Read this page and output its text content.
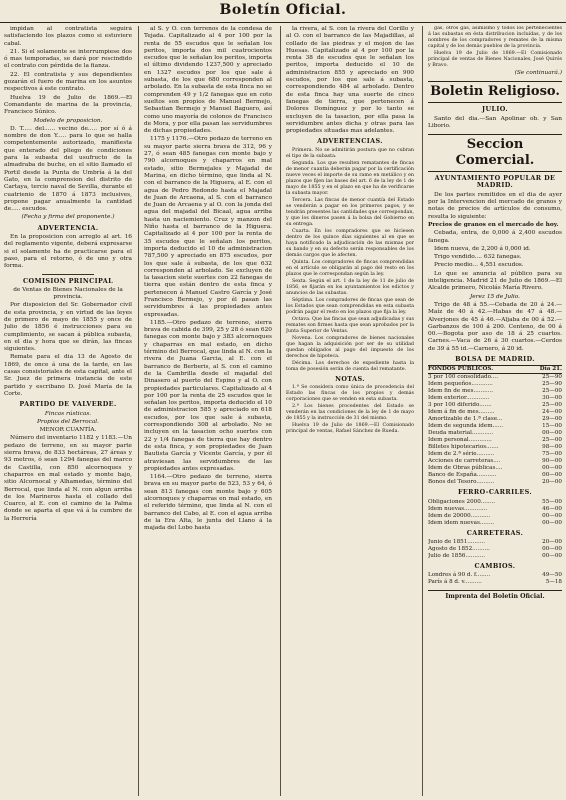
Boletín Oficial.

impidan al contratista seguirá satisfaciendo los plazos como si estuviere cabal.

21. Si el solamente se interrumpiese dos ó mas temporadas, se dará por rescindido el contrato con pérdida de la fianza.

22. El contratista y sus dependientes gozarán el fuero de marina en los asuntos respectivos á este contrato.

Huelva 19 de Julio de 1869.—El Comandante de marina de la provincia, Francisco Súnico.

Modelo de proposicion.

D. T..... del...... vecino de..... por sí ó á nombre de don Y..... para lo que se halla competentemente autorizado, manifiesta que enterado del pliego de condiciones para la subasta del usufructo de la almadraba de buche, en el sitio llamado el Portil desde la Punta de Umbría á la del Gato, en la comprension del distrito de Cartaya, tercio naval de Sevilla, durante el cuatrienio de 1870 á 1873 inclusives, propone pagar anualmente la cantidad de..... escudos.

(Fecha y firma del proponente.)

ADVERTENCIA.

En la proposicion con arreglo al art. 16 del reglamento vigente, deberá expresarse si el solamente ha de practicarse para el paso, para el retorno, ó de uno y otra forma.

COMISION PRINCIPAL

de Ventas de Bienes Nacionales de la provincia.

Por disposicion del Sr. Gobernador civil de esta provincia, y en virtud de las leyes de primero de mayo de 1855 y once de Julio de 1856 é instrucciones para su cumplimiento, se sacan á pública subasta, en el dia y hora que se dirán, las fincas siguientes.

Remate para el dia 13 de Agosto de 1869, de once á una de la tarde, en las casas consistoriales de esta capital, ante el Sr. Juez de primera instancia de este partido y escribano D. José María de la Corte.

PARTIDO DE VALVERDE.

Fincas rústicas.

Propios del Berrocal.

MENOR CUANTÍA.

Número del inventario 1182 y 1183.—Un pedazo de terreno, en su mayor parte sierra brava, de 833 hectáreas, 27 áreas y 93 metros, ó sean 1294 fanegas del marco de Castilla, con 850 alcornoques y chaparros en mal estado y monte bajo, sitio Alcornocal y Alhamedas, término del Berrocal, que linda al N. con algun arriba de los Marineros hasta el collado del Cuarco, al E. con el camino de la Palma donde se aparta el que vá á la cumbre de la Herrería

al S. y O. con terrenos de la condesa de Tejada. Capitalizado al 4 por 100 por la renta de 55 escudos que le señalan los peritos, importa dos mil cuatrocientos escudos que le señalan los peritos, importa el último dividendo 1237,500 y apreciado en 1327 escudos por los que sale á subasta, de los que 680 corresponden al arbolado. En la subasta de esta finca no se comprenden 49 y 1/2 fanegas que en coto sueltos son propios de Manuel Bermejo, Sebastian Bermejo y Manuel Baguero, así como uno mayoría de colonos de Francisco de Mora, y por ella pasan las servidumbres de dichas propiedades.

1175 y 1176.—Otro pedazo de terreno en su mayor parte sierra brava de 312, 96 y 27, ó sean 485 fanegas con monte bajo y 790 alcornoques y chaparros en mal estado, sitio Bermejales y Majadal de Marina, en dicho término, que linda al N. con el barranco de la Higuera, al E. con el agua de Pedro Redondo hasta el Majadal de Juan de Arcaena, al S. con el barranco de Juan de Arcaena y al O. con la jonda del agua del majadal del Bicaal, agua arriba hasta un naciemiento. Cruz y manzon del Niño hasta el barranco de la Higuera. Capitalizado al 4 por 100 por la renta de 35 escudos que le señalan los peritos, importa deducido el 10 de administracion 787,500 y apreciado en 875 escudos, por los que sale á subasta, de los que 632 corresponden al arbolado. Se excluyen de la tasacion siete suertes con 22 fanegas de tierra que están dentro de esta finca y pertenecen á Manuel Castro García y José Francisco Bermejo, y por él pasan las servidumbres á las propiedades antes expresadas.

1185.—Otro pedazo de terreno, sierra brava de cabida de 399, 25 y 28 ó sean 620 fanegas con monte bajo y 383 alcornoques y chaparras en mal estado, en dicho término del Berrocal, que linda al N. con la rivera de Juana Garcia, al E. con el barranco de Berberis, al S. con el camino de la Cambrilla desde el majadal del Dinasero al puerto del Espino y al O. con propiedades particulares. Capitalizado al 4 por 100 por la renta de 25 escudos que le señalan los peritos, importa deducido el 10 de administracion 585 y apreciado en 618 escudos, por los que sale á subasta, correspondiendo 308 al arbolado. No se incluyen en la tasacion ocho suertes con 22 y 1/4 fanegas de tierra que hay dentro de esta finca, y son propiedades de Juan Bautista García y Vicente García, y por él atraviesan las servidumbres de las propiedades antes expresadas.

1164.—Otro pedazo de terreno, sierra brava en su mayor parte de 523, 53 y 64, ó sean 813 fanegas con monte bajo y 605 alcornoques y chaparras en mal estado, en el referido término, que linda al N. con el barranco del Cabo, al E. con el agua arriba de la Era Alta, le junta del Llano á la majada del Lobo hasta

la rivera, al S. con la rivera del Corillo y al O. con el barranco de las Majadillas, al collado de las piedras y el mojon de las Huesas. Capitalizado al 4 por 100 por la renta 38 de escudos que le señalan los peritos, importa deducido el 10 de administracion 855 y apreciado en 900 escudos, por los que sale á subasta, correspondiendo 484 al arbolado. Dentro de esta finca hay una suerte de cinco fanegas de tierra, que pertenecen á Dolores Domínguez y por lo tanto se excluyen de la tasacion, por ella pasa la servidumbre antes dicha y otras para las propiedades situadas mas adelantes.

ADVERTENCIAS.

Primera. No se admitirán postura que no cubran el tipo de la subasta.

Segunda. Los que resulten rematantes de fincas de menor cuantía deberán pagar por la certificación nueve veces el importe de su ramo en metálico y en plazos que fijen las bases del art. 6 de la ley de 1 de mayo de 1855 y en el plazo en que ha de verificarse la subasta mayor.

Tercera. Las fincas de menor cuantía del Estado se venderán a pagar en los primeros pagos, y se tendrán presentes las cantidades que correspondan, y que los dineros pasen á la bolsa del Gobierno en su entrega.

Cuarta. En los compradores que se hiciesen dentro de los quince días siguientes al en que se haya notificado la adjudicación de las mismas por su bando y en su defecto serán responsables de los demás cargos que le afecten.

Quinta. Los compradores de fincas comprendidas en el artículo se obligarán al pago del resto en los plazos que le correspondan según la ley.

Sexta. Según el art. 1 de la ley de 11 de julio de 1856, se fijarán en los ayuntamientos los edictos y anuncios de las subastas.

Séptima. Los compradores de fincas que sean de los Estados que sean comprendidas en esta subasta podrán pagar el resto en los plazos que fija la ley.

Octava. Que las fincas que sean adjudicadas y sus remates son firmes hasta que sean aprobados por la Junta Superior de Ventas.

Novena. Los compradores de bienes nacionales que hagan la adquisición por ser de su utilidad quedan obligados al pago del impuesto de los derechos de hipoteca.

Décima. Los derechos de expediente hasta la toma de posesión serán de cuenta del rematante.

NOTAS.

1.ª Se considera como única de procedencia del Estado las fincas de los propios y demás corporaciones que se venden en esta subasta.

2.ª Los bienes procedentes del Estado se venderán en las condiciones de la ley de 1 de mayo de 1855 y la instrucción de 31 del mismo.

Huelva 19 de Julio de 1869.—El Comisionado principal de ventas, Rafael Sánchez de Rueda.

gas, otros gas, asimismo y todos los pertenecientes á las subastas en ésta distribucion incluídas, y de los nombres de los compradores y remates de la misma capital y de los demás pueblos de la provincia.

Huelva 19 de Julio de 1869.—El Comisionado principal de ventas de Bienes Nacionales, José Quirós y Bravo.

(Se continuará.)

Boletin Religioso.
JULIO.

Santo del dia.—San Apolinar ob. y San Liborio.

Seccion Comercial.
AYUNTAMIENTO POPULAR DE MADRID.

De los partes remitidos en el dia de ayer por la Intervencion del mercado de granos y notas de precios de artículos de consumo, resulta lo siguiente:

Precios de granos en el mercado de hoy.

Cebada, entra, de 0,000 á 2,400 escudos fanega.

Idem nueva, de 2,200 á 0,000 id.

Trigo vendido.... 632 fanegas.

Precio medio... 4,551 escudos.

Lo que se anuncia al público para su inteligencia. Madrid 21 de Julio de 1869.—El Alcalde primero, Nicolás María Rivero.

Jerez 15 de Julio.

Trigo de 48 á 55.—Cebada de 20 á 24.—Maíz de 40 á 42.—Habas de 47 á 48.—Alverjones de 45 á 46.—Aljaba de 00 á 52.—Garbanzos de 100 á 200. Centeno, de 00 á 00.—Bogota por aso de 18 á 25 cuartos. Carnes.—Vaca de 26 á 30 cuartos.—Cerdos de 39 á 55 id.—Carnero, á 20 id.

BOLSA DE MADRID.
FONDOS PÚBLICOS.	Dia 21.
3 por 100 consolidado....	25—90
Idem pequeños............	25—90
Idem fin de mes...........	25—00
Idem exterior.............	30—00
3 por 100 diferido.......	25—00
Idem á fin de mes.........	24—00
Amortizable de 1.ª clase...	29—00
Idem de segunda idem......	15—00
Deuda material............	00—00
Idem personal.............	25—00
Billetes hipotecarios.......	98—00
Idem de 2.ª série..........	75—00
Acciones de carreteras....	90—00
Idem de Obras públicas....	00—00
Banco de España...........	00—00
Bonos del Tesoro..........	20—00
FERRO-CARRILES.
Obligaciones 2000........	55—00
Idem nuevas.............	46—00
Idem de 20000...........	00—00
Idem idem nuevas........	00—00
CARRETERAS.
Junio de 1851..........	20—00
Agosto de 1852..........	00—00
Julio de 1856...........	00—00
CAMBIOS.
Londres á 90 d. f........	49—50
París á 8 d. v..........	5—18
Imprenta del Boletin Oficial.
